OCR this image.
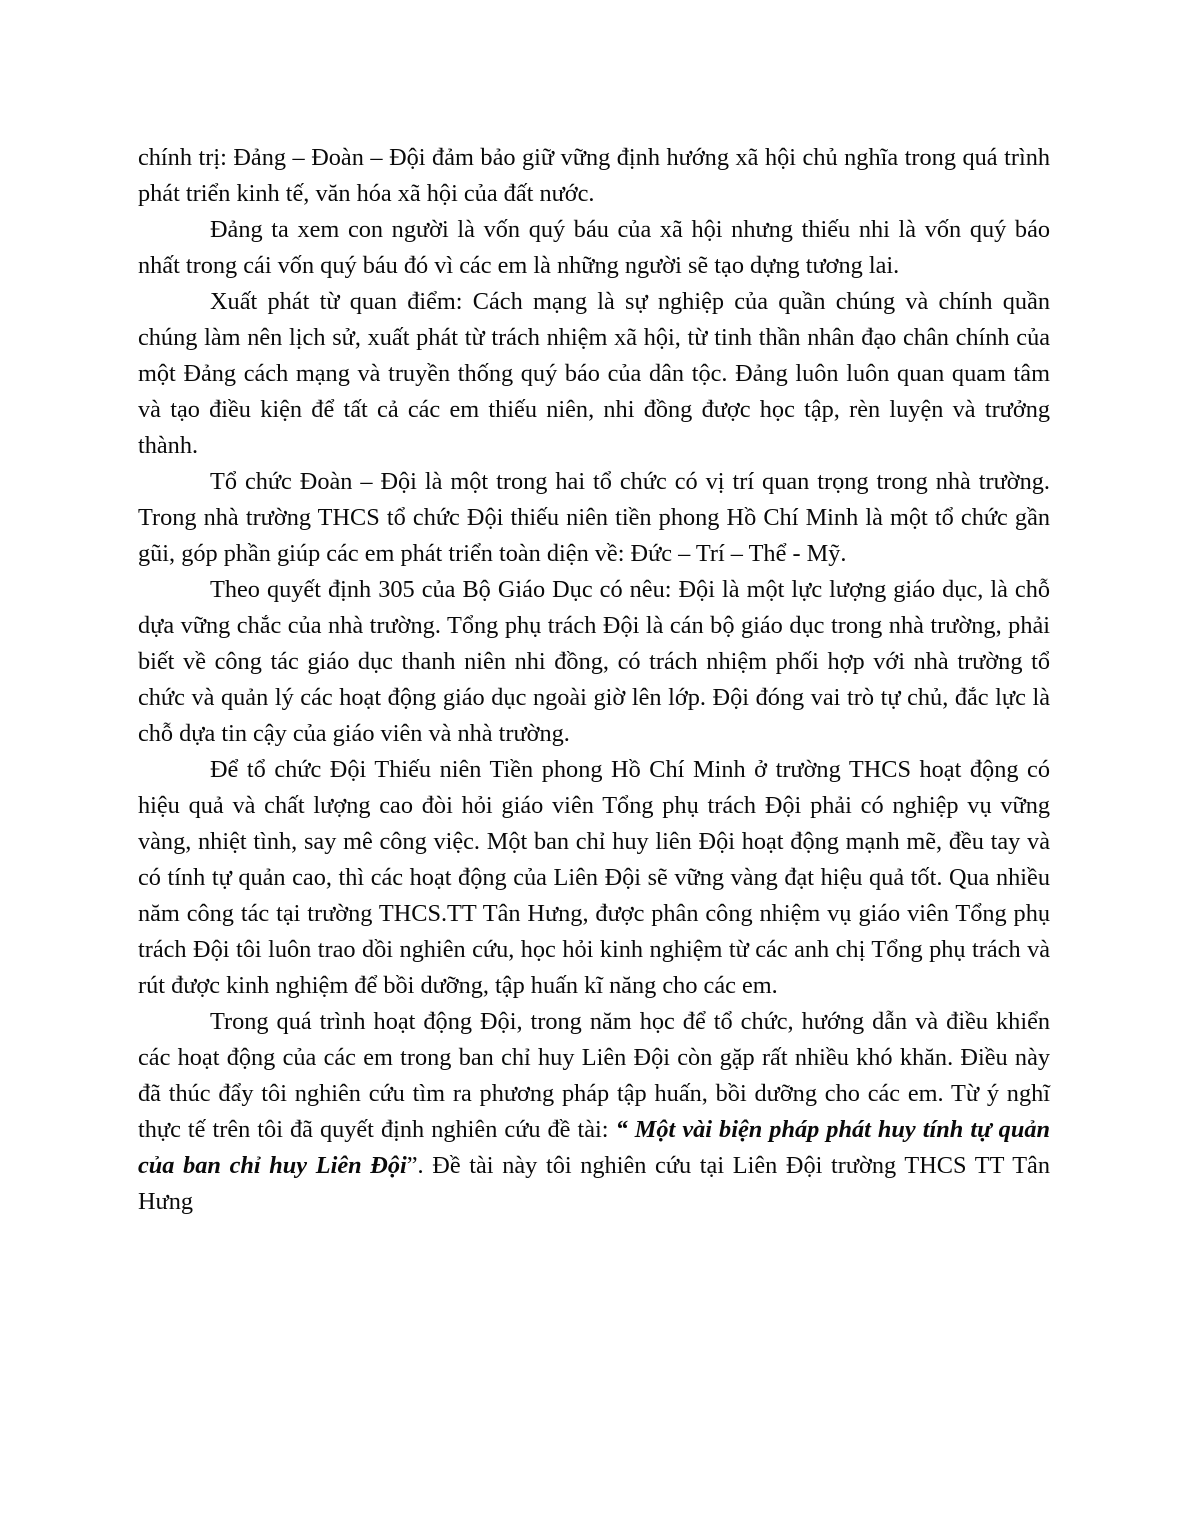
chính trị: Đảng – Đoàn – Đội đảm bảo giữ vững định hướng xã hội chủ nghĩa trong quá trình phát triển kinh tế, văn hóa xã hội của đất nước.

Đảng ta xem con người là vốn quý báu của xã hội nhưng thiếu nhi là vốn quý báo nhất trong cái vốn quý báu đó vì các em là những người sẽ tạo dựng tương lai.

Xuất phát từ quan điểm: Cách mạng là sự nghiệp của quần chúng và chính quần chúng làm nên lịch sử, xuất phát từ trách nhiệm xã hội, từ tinh thần nhân đạo chân chính của một Đảng cách mạng và truyền thống quý báo của dân tộc. Đảng luôn luôn quan quam tâm và tạo điều kiện để tất cả các em thiếu niên, nhi đồng được học tập, rèn luyện và trưởng thành.

Tổ chức Đoàn – Đội là một trong hai tổ chức có vị trí quan trọng trong nhà trường. Trong nhà trường THCS tổ chức Đội thiếu niên tiền phong Hồ Chí Minh là một tổ chức gần gũi, góp phần giúp các em phát triển toàn diện về: Đức – Trí – Thể - Mỹ.

Theo quyết định 305 của Bộ Giáo Dục có nêu: Đội là một lực lượng giáo dục, là chỗ dựa vững chắc của nhà trường. Tổng phụ trách Đội là cán bộ giáo dục trong nhà trường, phải biết về công tác giáo dục thanh niên nhi đồng, có trách nhiệm phối hợp với nhà trường tổ chức và quản lý các hoạt động giáo dục ngoài giờ lên lớp. Đội đóng vai trò tự chủ, đắc lực là chỗ dựa tin cậy của giáo viên và nhà trường.

Để tổ chức Đội Thiếu niên Tiền phong Hồ Chí Minh ở trường THCS hoạt động có hiệu quả và chất lượng cao đòi hỏi giáo viên Tổng phụ trách Đội phải có nghiệp vụ vững vàng, nhiệt tình, say mê công việc. Một ban chỉ huy liên Đội hoạt động mạnh mẽ, đều tay và có tính tự quản cao, thì các hoạt động của Liên Đội sẽ vững vàng đạt hiệu quả tốt. Qua nhiều năm công tác tại trường THCS.TT Tân Hưng, được phân công nhiệm vụ giáo viên Tổng phụ trách Đội tôi luôn trao dồi nghiên cứu, học hỏi kinh nghiệm từ các anh chị Tổng phụ trách và rút được kinh nghiệm để bồi dưỡng, tập huấn kĩ năng cho các em.

Trong quá trình hoạt động Đội, trong năm học để tổ chức, hướng dẫn và điều khiển các hoạt động của các em trong ban chỉ huy Liên Đội còn gặp rất nhiều khó khăn. Điều này đã thúc đẩy tôi nghiên cứu tìm ra phương pháp tập huấn, bồi dưỡng cho các em. Từ ý nghĩ thực tế trên tôi đã quyết định nghiên cứu đề tài: “ Một vài biện pháp phát huy tính tự quản của ban chỉ huy Liên Đội”. Đề tài này tôi nghiên cứu tại Liên Đội trường THCS TT Tân Hưng
